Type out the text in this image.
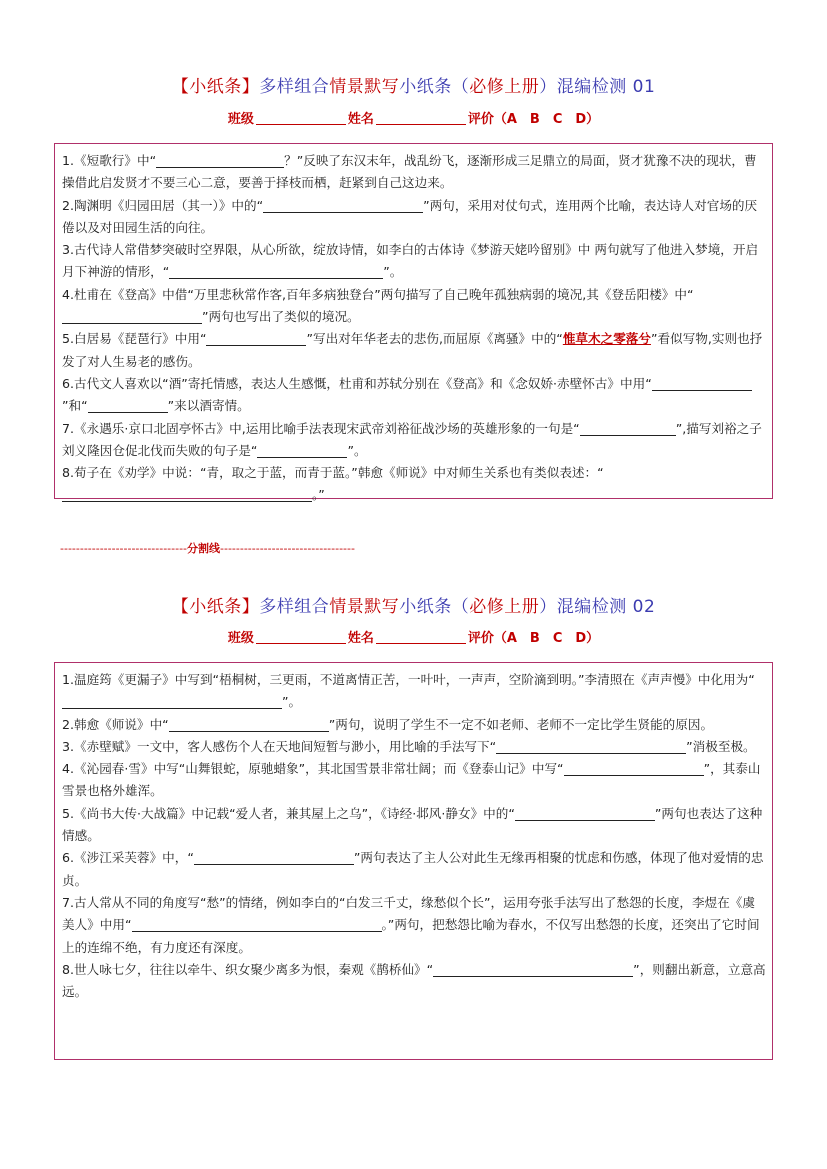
【小纸条】多样组合情景默写小纸条（必修上册）混编检测 01
班级	姓名	评价（A　B　C　D）

1.《短歌行》中“	？”反映了东汉末年，战乱纷飞，逐渐形成三足鼎立的局面，贤才犹豫不决的现状，曹操借此启发贤才不要三心二意，要善于择枝而栖，赶紧到自己这边来。

2.陶渊明《归园田居（其一）》中的“	”两句，采用对仗句式，连用两个比喻，表达诗人对官场的厌倦以及对田园生活的向往。

3.古代诗人常借梦突破时空界限，从心所欲，绽放诗情，如李白的古体诗《梦游天姥吟留别》中 两句就写了他进入梦境，开启月下神游的情形，“	”。

4.杜甫在《登高》中借“万里悲秋常作客,百年多病独登台”两句描写了自己晚年孤独病弱的境况,其《登岳阳楼》中“”两句也写出了类似的境况。

5.白居易《琵琶行》中用“	”写出对年华老去的悲伤,而屈原《离骚》中的“惟草木之零落兮”看似写物,实则也抒发了对人生易老的感伤。

6.古代文人喜欢以“酒”寄托情感，表达人生感慨，杜甫和苏轼分别在《登高》和《念奴娇·赤壁怀古》中用“”和“	”来以酒寄情。

7.《永遇乐·京口北固亭怀古》中,运用比喻手法表现宋武帝刘裕征战沙场的英雄形象的一句是“	”,描写刘裕之子刘义隆因仓促北伐而失败的句子是“	”。

8.荀子在《劝学》中说：“青，取之于蓝，而青于蓝。”韩愈《师说》中对师生关系也有类似表述：“。”

--------------------------------分割线----------------------------------
【小纸条】多样组合情景默写小纸条（必修上册）混编检测 02
班级	姓名	评价（A　B　C　D）

1.温庭筠《更漏子》中写到“梧桐树，三更雨，不道离情正苦，一叶叶，一声声，空阶滴到明。”李清照在《声声慢》中化用为“”。

2.韩愈《师说》中“	”两句，说明了学生不一定不如老师、老师不一定比学生贤能的原因。

3.《赤壁赋》一文中，客人感伤个人在天地间短暂与渺小，用比喻的手法写下“	”消极至极。

4.《沁园春·雪》中写“山舞银蛇，原驰蜡象”，其北国雪景非常壮阔；而《登泰山记》中写“	”，其泰山雪景也格外雄浑。

5.《尚书大传·大战篇》中记载“爱人者，兼其屋上之乌”，《诗经·邶风·静女》中的“	”两句也表达了这种情感。

6.《涉江采芙蓉》中，“	”两句表达了主人公对此生无缘再相聚的忧虑和伤感，体现了他对爱情的忠贞。

7.古人常从不同的角度写“愁”的情绪，例如李白的“白发三千丈，缘愁似个长”，运用夸张手法写出了愁怨的长度，李煜在《虞美人》中用“	。”两句，把愁怨比喻为春水，不仅写出愁怨的长度，还突出了它时间上的连绵不绝，有力度还有深度。

8.世人咏七夕，往往以牵牛、织女聚少离多为恨，秦观《鹊桥仙》“	”，则翻出新意，立意高远。
